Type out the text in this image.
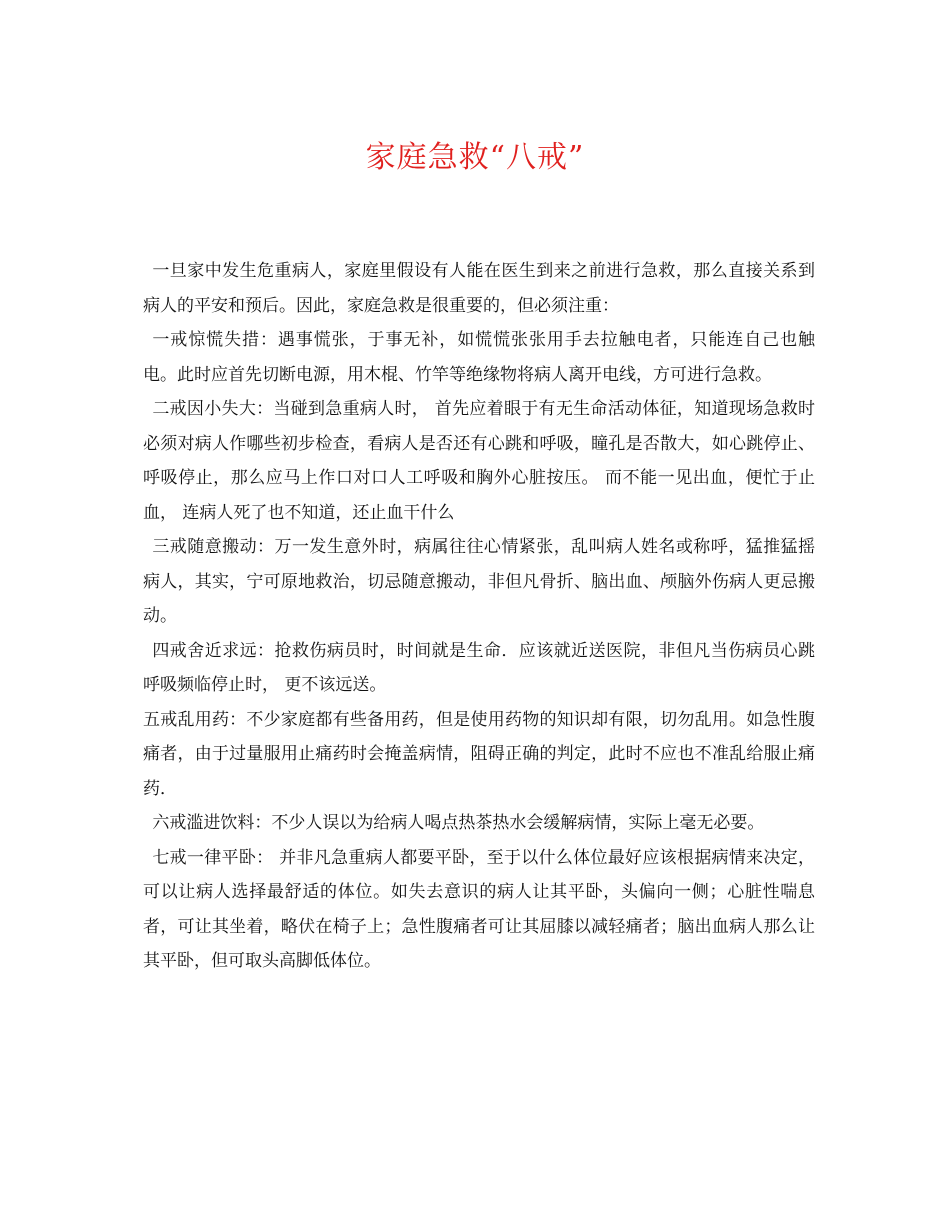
家庭急救“八戒”

一旦家中发生危重病人，家庭里假设有人能在医生到来之前进行急救，那么直接关系到病人的平安和预后。因此，家庭急救是很重要的，但必须注重：

一戒惊慌失措：遇事慌张，于事无补，如慌慌张张用手去拉触电者，只能连自己也触电。此时应首先切断电源，用木棍、竹竿等绝缘物将病人离开电线，方可进行急救。

二戒因小失大：当碰到急重病人时， 首先应着眼于有无生命活动体征，知道现场急救时必须对病人作哪些初步检查，看病人是否还有心跳和呼吸，瞳孔是否散大，如心跳停止、呼吸停止，那么应马上作口对口人工呼吸和胸外心脏按压。 而不能一见出血，便忙于止血， 连病人死了也不知道，还止血干什么

三戒随意搬动：万一发生意外时，病属往往心情紧张，乱叫病人姓名或称呼，猛推猛摇病人，其实，宁可原地救治，切忌随意搬动，非但凡骨折、脑出血、颅脑外伤病人更忌搬动。

四戒舍近求远：抢救伤病员时，时间就是生命．应该就近送医院，非但凡当伤病员心跳呼吸频临停止时， 更不该远送。

五戒乱用药：不少家庭都有些备用药，但是使用药物的知识却有限，切勿乱用。如急性腹痛者，由于过量服用止痛药时会掩盖病情，阻碍正确的判定，此时不应也不准乱给服止痛药．

六戒滥进饮料：不少人误以为给病人喝点热茶热水会缓解病情，实际上毫无必要。

七戒一律平卧： 并非凡急重病人都要平卧，至于以什么体位最好应该根据病情来决定，可以让病人选择最舒适的体位。如失去意识的病人让其平卧，头偏向一侧；心脏性喘息者，可让其坐着，略伏在椅子上；急性腹痛者可让其屈膝以减轻痛者；脑出血病人那么让其平卧，但可取头高脚低体位。
